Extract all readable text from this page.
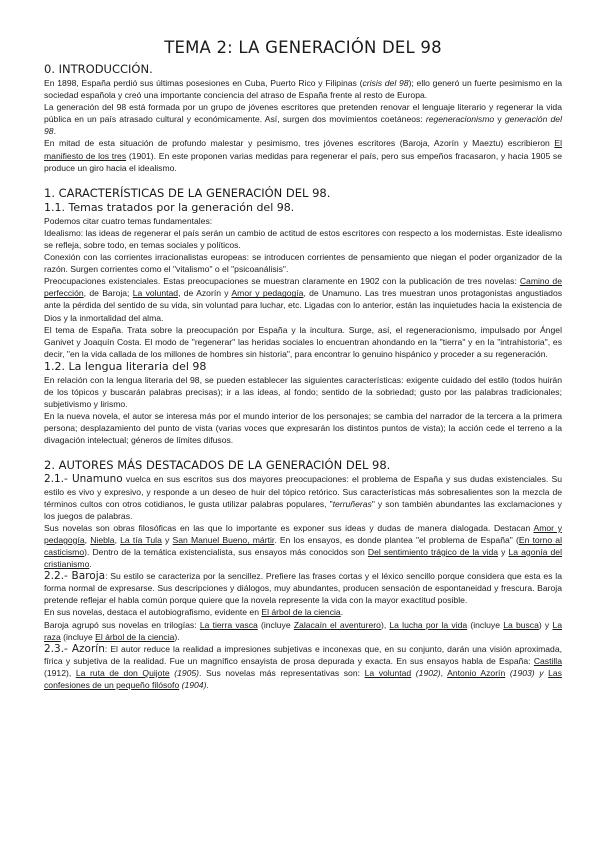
TEMA 2: LA GENERACIÓN DEL 98
0. INTRODUCCIÓN.

En 1898, España perdió sus últimas posesiones en Cuba, Puerto Rico y Filipinas (crisis del 98); ello generó un fuerte pesimismo en la sociedad española y creó una importante conciencia del atraso de España frente al resto de Europa.

La generación del 98 está formada por un grupo de jóvenes escritores que pretenden renovar el lenguaje literario y regenerar la vida pública en un país atrasado cultural y económicamente. Así, surgen dos movimientos coetáneos: regeneracionismo y generación del 98.

En mitad de esta situación de profundo malestar y pesimismo, tres jóvenes escritores (Baroja, Azorín y Maeztu) escribieron El manifiesto de los tres (1901). En este proponen varias medidas para regenerar el país, pero sus empeños fracasaron, y hacia 1905 se produce un giro hacia el idealismo.

1. CARACTERÍSTICAS DE LA GENERACIÓN DEL 98.
1.1. Temas tratados por la generación del 98.

Podemos citar cuatro temas fundamentales:

Idealismo: las ideas de regenerar el país serán un cambio de actitud de estos escritores con respecto a los modernistas. Este idealismo se refleja, sobre todo, en temas sociales y políticos.

Conexión con las corrientes irracionalistas europeas: se introducen corrientes de pensamiento que niegan el poder organizador de la razón. Surgen corrientes como el "vitalismo" o el "psicoanálisis".

Preocupaciones existenciales. Estas preocupaciones se muestran claramente en 1902 con la publicación de tres novelas: Camino de perfección, de Baroja; La voluntad, de Azorín y Amor y pedagogía, de Unamuno. Las tres muestran unos protagonistas angustiados ante la pérdida del sentido de su vida, sin voluntad para luchar, etc. Ligadas con lo anterior, están las inquietudes hacia la existencia de Dios y la inmortalidad del alma.

El tema de España. Trata sobre la preocupación por España y la incultura. Surge, así, el regeneracionismo, impulsado por Ángel Ganivet y Joaquín Costa. El modo de "regenerar" las heridas sociales lo encuentran ahondando en la "tierra" y en la "intrahistoria", es decir, "en la vida callada de los millones de hombres sin historia", para encontrar lo genuino hispánico y proceder a su regeneración.

1.2. La lengua literaria del 98

En relación con la lengua literaria del 98, se pueden establecer las siguientes características: exigente cuidado del estilo (todos huirán de los tópicos y buscarán palabras precisas); ir a las ideas, al fondo; sentido de la sobriedad; gusto por las palabras tradicionales; subjetivismo y lirismo.

En la nueva novela, el autor se interesa más por el mundo interior de los personajes; se cambia del narrador de la tercera a la primera persona; desplazamiento del punto de vista (varias voces que expresarán los distintos puntos de vista); la acción cede el terreno a la divagación intelectual; géneros de límites difusos.

2. AUTORES MÁS DESTACADOS DE LA GENERACIÓN DEL 98.

2.1.- Unamuno vuelca en sus escritos sus dos mayores preocupaciones: el problema de España y sus dudas existenciales. Su estilo es vivo y expresivo, y responde a un deseo de huir del tópico retórico. Sus características más sobresalientes son la mezcla de términos cultos con otros cotidianos, le gusta utilizar palabras populares, "terruñeras" y son también abundantes las exclamaciones y los juegos de palabras.

Sus novelas son obras filosóficas en las que lo importante es exponer sus ideas y dudas de manera dialogada. Destacan Amor y pedagogía, Niebla, La tía Tula y San Manuel Bueno, mártir. En los ensayos, es donde plantea "el problema de España" (En torno al casticismo). Dentro de la temática existencialista, sus ensayos más conocidos son Del sentimiento trágico de la vida y La agonía del cristianismo.

2.2.- Baroja: Su estilo se caracteriza por la sencillez. Prefiere las frases cortas y el léxico sencillo porque considera que esta es la forma normal de expresarse. Sus descripciones y diálogos, muy abundantes, producen sensación de espontaneidad y frescura. Baroja pretende reflejar el habla común porque quiere que la novela represente la vida con la mayor exactitud posible.

En sus novelas, destaca el autobiografismo, evidente en El árbol de la ciencia.

Baroja agrupó sus novelas en trilogías: La tierra vasca (incluye Zalacaín el aventurero), La lucha por la vida (incluye La busca) y La raza (incluye El árbol de la ciencia).

2.3.- Azorín: El autor reduce la realidad a impresiones subjetivas e inconexas que, en su conjunto, darán una visión aproximada, fírica y subjetiva de la realidad. Fue un magnífico ensayista de prosa depurada y exacta. En sus ensayos habla de España: Castilla (1912), La ruta de don Quijote (1905). Sus novelas más representativas son: La voluntad (1902), Antonio Azorín (1903) y Las confesiones de un pequeño filósofo (1904).
